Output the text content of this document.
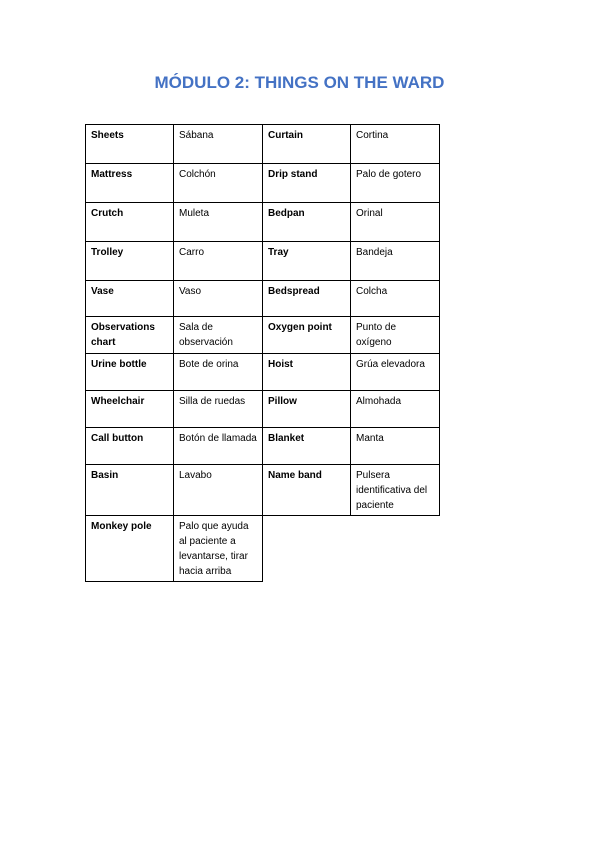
MÓDULO 2: THINGS ON THE WARD
Sheets	Sábana	Curtain	Cortina
Mattress	Colchón	Drip stand	Palo de gotero
Crutch	Muleta	Bedpan	Orinal
Trolley	Carro	Tray	Bandeja
Vase	Vaso	Bedspread	Colcha
Observations chart	Sala de observación	Oxygen point	Punto de oxígeno
Urine bottle	Bote de orina	Hoist	Grúa elevadora
Wheelchair	Silla de ruedas	Pillow	Almohada
Call button	Botón de llamada	Blanket	Manta
Basin	Lavabo	Name band	Pulsera identificativa del paciente
Monkey pole	Palo que ayuda al paciente a levantarse, tirar hacia arriba		
